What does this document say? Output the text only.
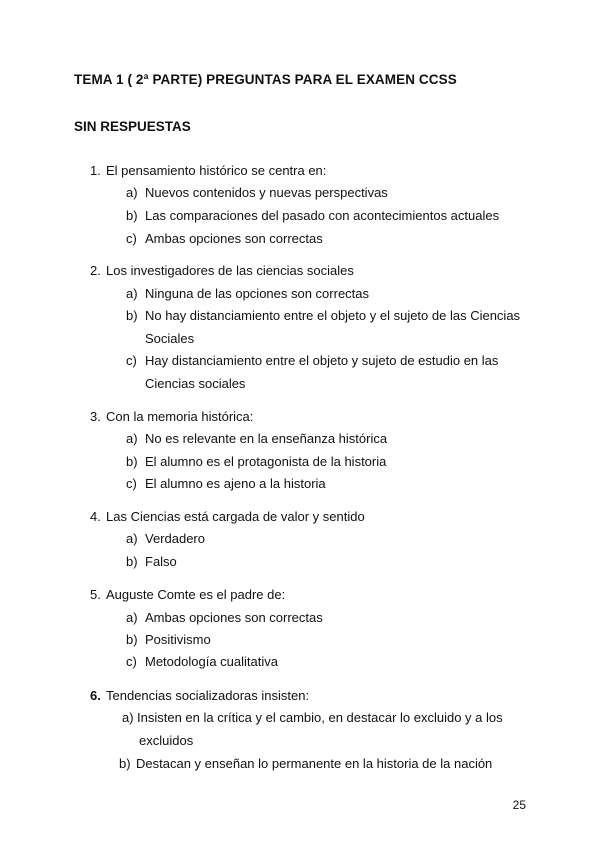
TEMA 1 ( 2ª PARTE) PREGUNTAS PARA EL EXAMEN CCSS
SIN RESPUESTAS
1. El pensamiento histórico se centra en:
a) Nuevos contenidos y nuevas perspectivas
b) Las comparaciones del pasado con acontecimientos actuales
c) Ambas opciones son correctas
2. Los investigadores de las ciencias sociales
a) Ninguna de las opciones son correctas
b) No hay distanciamiento entre el objeto y el sujeto de las Ciencias Sociales
c) Hay distanciamiento entre el objeto y sujeto de estudio en las Ciencias sociales
3. Con la memoria histórica:
a) No es relevante en la enseñanza histórica
b) El alumno es el protagonista de la historia
c) El alumno es ajeno a la historia
4. Las Ciencias está cargada de valor y sentido
a) Verdadero
b) Falso
5. Auguste Comte es el padre de:
a) Ambas opciones son correctas
b) Positivismo
c) Metodología cualitativa
6. Tendencias socializadoras insisten:
a) Insisten en la crítica y el cambio, en destacar lo excluido y a los excluidos
b) Destacan y enseñan lo permanente en la historia de la nación
25
